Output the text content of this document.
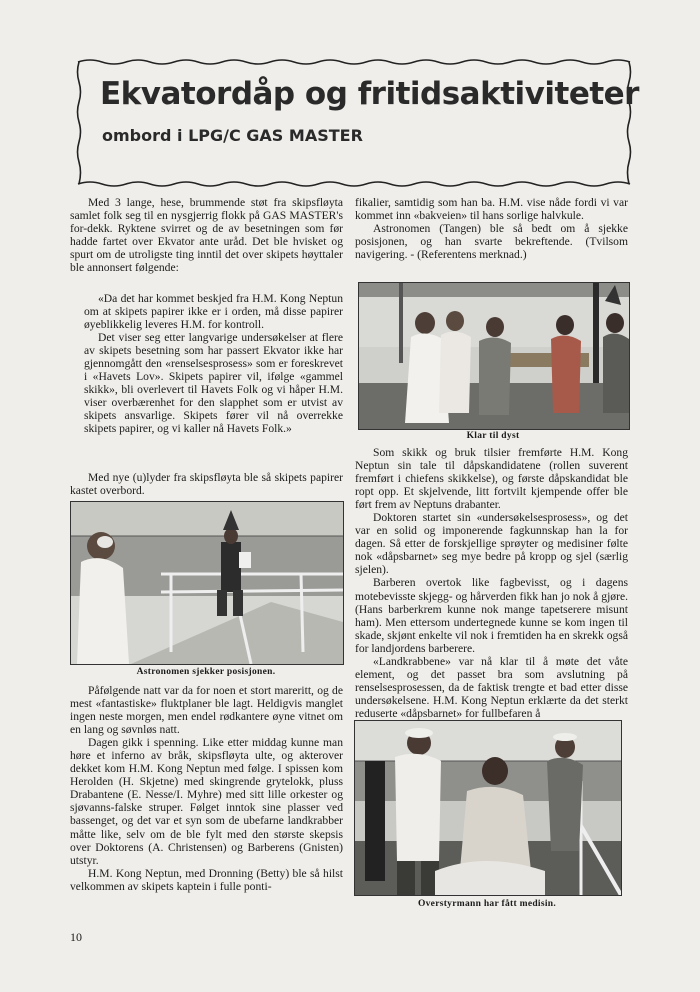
Ekvatordåp og fritidsaktiviteter
ombord i LPG/C GAS MASTER

Med 3 lange, hese, brummende støt fra skipsfløyta samlet folk seg til en nysgjerrig flokk på GAS MASTER's for-dekk. Ryktene svirret og de av besetningen som før hadde fartet over Ekvator ante uråd. Det ble hvisket og spurt om de utroligste ting inntil det over skipets høyttaler ble annonsert følgende:

«Da det har kommet beskjed fra H.M. Kong Neptun om at skipets papirer ikke er i orden, må disse papirer øyeblikkelig leveres H.M. for kontroll.

Det viser seg etter langvarige undersøkelser at flere av skipets besetning som har passert Ekvator ikke har gjennomgått den «renselsesprosess» som er foreskrevet i «Havets Lov». Skipets papirer vil, ifølge «gammel skikk», bli overlevert til Havets Folk og vi håper H.M. viser overbærenhet for den slapphet som er utvist av skipets ansvarlige. Skipets fører vil nå overrekke skipets papirer, og vi kaller nå Havets Folk.»

Med nye (u)lyder fra skipsfløyta ble så skipets papirer kastet overbord.

Astronomen sjekker posisjonen.

Påfølgende natt var da for noen et stort mareritt, og de mest «fantastiske» fluktplaner ble lagt. Heldigvis manglet ingen neste morgen, men endel rødkantere øyne vitnet om en lang og søvnløs natt.

Dagen gikk i spenning. Like etter middag kunne man høre et inferno av bråk, skipsfløyta ulte, og akterover dekket kom H.M. Kong Neptun med følge. I spissen kom Herolden (H. Skjetne) med skingrende grytelokk, pluss Drabantene (E. Nesse/I. Myhre) med sitt lille orkester og sjøvanns-falske struper. Følget inntok sine plasser ved bassenget, og det var et syn som de ubefarne landkrabber måtte like, selv om de ble fylt med den største skepsis over Doktorens (A. Christensen) og Barberens (Gnisten) utstyr.

H.M. Kong Neptun, med Dronning (Betty) ble så hilst velkommen av skipets kaptein i fulle ponti-

fikalier, samtidig som han ba. H.M. vise nåde fordi vi var kommet inn «bakveien» til hans sorlige halvkule.

Astronomen (Tangen) ble så bedt om å sjekke posisjonen, og han svarte bekreftende. (Tvilsom navigering. - (Referentens merknad.)

Klar til dyst

Som skikk og bruk tilsier fremførte H.M. Kong Neptun sin tale til dåpskandidatene (rollen suverent fremført i chiefens skikkelse), og første dåpskandidat ble ropt opp. Et skjelvende, litt fortvilt kjempende offer ble ført frem av Neptuns drabanter.

Doktoren startet sin «undersøkelsesprosess», og det var en solid og imponerende fagkunnskap han la for dagen. Så etter de forskjellige sprøyter og medisiner følte nok «dåpsbarnet» seg mye bedre på kropp og sjel (særlig sjelen).

Barberen overtok like fagbevisst, og i dagens motebevisste skjegg- og hårverden fikk han jo nok å gjøre. (Hans barberkrem kunne nok mange tapetserere misunt ham). Men ettersom undertegnede kunne se kom ingen til skade, skjønt enkelte vil nok i fremtiden ha en skrekk også for landjordens barberere.

«Landkrabbene» var nå klar til å møte det våte element, og det passet bra som avslutning på renselsesprosessen, da de faktisk trengte et bad etter disse undersøkelsene. H.M. Kong Neptun erklærte da det sterkt reduserte «dåpsbarnet» for fullbefaren å

Overstyrmann har fått medisin.
10
